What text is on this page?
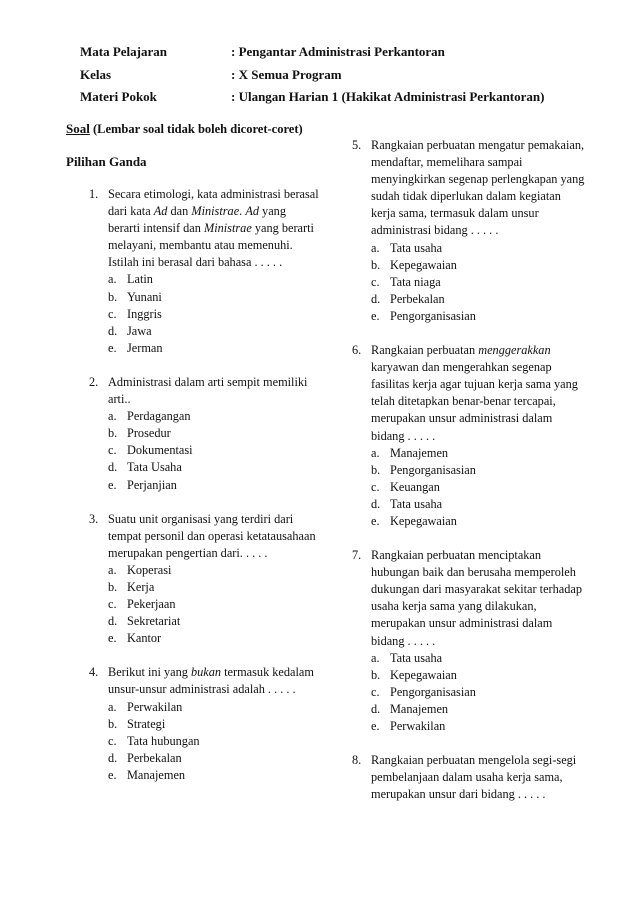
Mata Pelajaran	: Pengantar Administrasi Perkantoran
Kelas	: X Semua Program
Materi Pokok	: Ulangan Harian 1 (Hakikat Administrasi Perkantoran)
Soal (Lembar soal tidak boleh dicoret-coret)
Pilihan Ganda
1. Secara etimologi, kata administrasi berasal dari kata Ad dan Ministrae. Ad yang berarti intensif dan Ministrae yang berarti melayani, membantu atau memenuhi. Istilah ini berasal dari bahasa . . . . .
a. Latin
b. Yunani
c. Inggris
d. Jawa
e. Jerman
2. Administrasi dalam arti sempit memiliki arti..
a. Perdagangan
b. Prosedur
c. Dokumentasi
d. Tata Usaha
e. Perjanjian
3. Suatu unit organisasi yang terdiri dari tempat personil dan operasi ketatausahaan merupakan pengertian dari. . . . .
a. Koperasi
b. Kerja
c. Pekerjaan
d. Sekretariat
e. Kantor
4. Berikut ini yang bukan termasuk kedalam unsur-unsur administrasi adalah . . . . .
a. Perwakilan
b. Strategi
c. Tata hubungan
d. Perbekalan
e. Manajemen
5. Rangkaian perbuatan mengatur pemakaian, mendaftar, memelihara sampai menyingkirkan segenap perlengkapan yang sudah tidak diperlukan dalam kegiatan kerja sama, termasuk dalam unsur administrasi bidang . . . . .
a. Tata usaha
b. Kepegawaian
c. Tata niaga
d. Perbekalan
e. Pengorganisasian
6. Rangkaian perbuatan menggerakkan karyawan dan mengerahkan segenap fasilitas kerja agar tujuan kerja sama yang telah ditetapkan benar-benar tercapai, merupakan unsur administrasi dalam bidang . . . . .
a. Manajemen
b. Pengorganisasian
c. Keuangan
d. Tata usaha
e. Kepegawaian
7. Rangkaian perbuatan menciptakan hubungan baik dan berusaha memperoleh dukungan dari masyarakat sekitar terhadap usaha kerja sama yang dilakukan, merupakan unsur administrasi dalam bidang . . . . .
a. Tata usaha
b. Kepegawaian
c. Pengorganisasian
d. Manajemen
e. Perwakilan
8. Rangkaian perbuatan mengelola segi-segi pembelanjaan dalam usaha kerja sama, merupakan unsur dari bidang . . . . .
